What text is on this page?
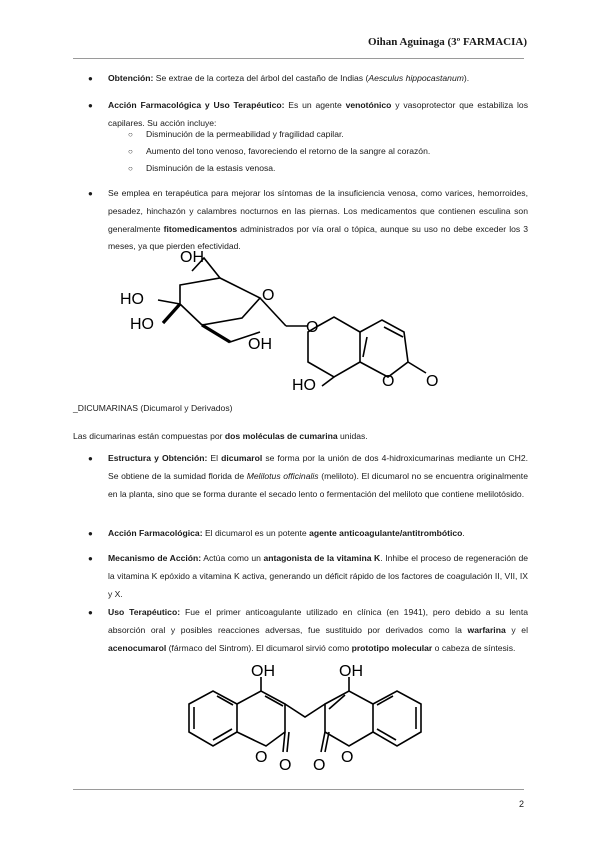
Oihan Aguinaga (3º FARMACIA)
● Obtención: Se extrae de la corteza del árbol del castaño de Indias (Aesculus hippocastanum).
● Acción Farmacológica y Uso Terapéutico: Es un agente venotónico y vasoprotector que estabiliza los capilares. Su acción incluye:
○ Disminución de la permeabilidad y fragilidad capilar.
○ Aumento del tono venoso, favoreciendo el retorno de la sangre al corazón.
○ Disminución de la estasis venosa.
● Se emplea en terapéutica para mejorar los síntomas de la insuficiencia venosa, como varices, hemorroides, pesadez, hinchazón y calambres nocturnos en las piernas. Los medicamentos que contienen esculina son generalmente fitomedicamentos administrados por vía oral o tópica, aunque su uso no debe exceder los 3 meses, ya que pierden efectividad.
OH
HO
HO
OH
O
O
HO	O O
_DICUMARINAS (Dicumarol y Derivados)
Las dicumarinas están compuestas por dos moléculas de cumarina unidas.
● Estructura y Obtención: El dicumarol se forma por la unión de dos 4-hidroxicumarinas mediante un CH2. Se obtiene de la sumidad florida de Melilotus officinalis (meliloto). El dicumarol no se encuentra originalmente en la planta, sino que se forma durante el secado lento o fermentación del meliloto que contiene melilotósido.
● Acción Farmacológica: El dicumarol es un potente agente anticoagulante/antitrombótico.
● Mecanismo de Acción: Actúa como un antagonista de la vitamina K. Inhibe el proceso de regeneración de la vitamina K epóxido a vitamina K activa, generando un déficit rápido de los factores de coagulación II, VII, IX y X.
● Uso Terapéutico: Fue el primer anticoagulante utilizado en clínica (en 1941), pero debido a su lenta absorción oral y posibles reacciones adversas, fue sustituido por derivados como la warfarina y el acenocumarol (fármaco del Sintrom). El dicumarol sirvió como prototipo molecular o cabeza de síntesis.
OH	OH
O O O O
2
